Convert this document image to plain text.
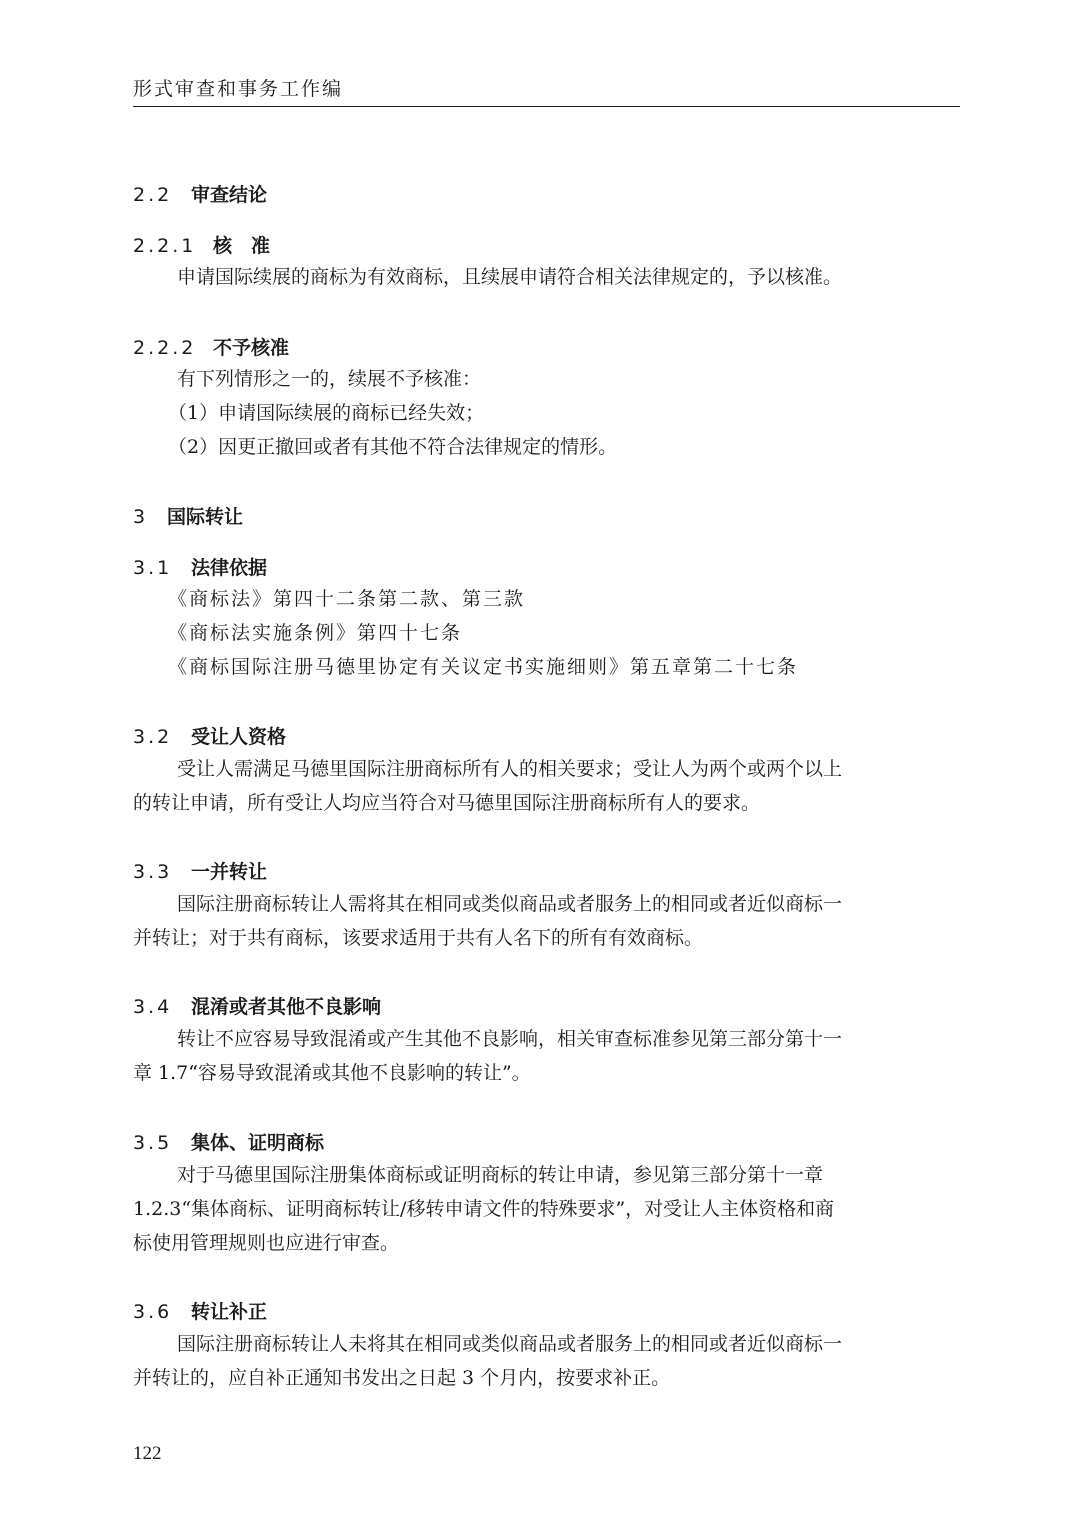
形式审查和事务工作编
2.2 审查结论
2.2.1 核　准
申请国际续展的商标为有效商标，且续展申请符合相关法律规定的，予以核准。
2.2.2 不予核准
有下列情形之一的，续展不予核准：
（1）申请国际续展的商标已经失效；
（2）因更正撤回或者有其他不符合法律规定的情形。
3 国际转让
3.1 法律依据
《商标法》第四十二条第二款、第三款
《商标法实施条例》第四十七条
《商标国际注册马德里协定有关议定书实施细则》第五章第二十七条
3.2 受让人资格
受让人需满足马德里国际注册商标所有人的相关要求；受让人为两个或两个以上
的转让申请，所有受让人均应当符合对马德里国际注册商标所有人的要求。
3.3 一并转让
国际注册商标转让人需将其在相同或类似商品或者服务上的相同或者近似商标一
并转让；对于共有商标，该要求适用于共有人名下的所有有效商标。
3.4 混淆或者其他不良影响
转让不应容易导致混淆或产生其他不良影响，相关审查标准参见第三部分第十一
章 1.7“容易导致混淆或其他不良影响的转让”。
3.5 集体、证明商标
对于马德里国际注册集体商标或证明商标的转让申请，参见第三部分第十一章
1.2.3“集体商标、证明商标转让/移转申请文件的特殊要求”，对受让人主体资格和商
标使用管理规则也应进行审查。
3.6 转让补正
国际注册商标转让人未将其在相同或类似商品或者服务上的相同或者近似商标一
并转让的，应自补正通知书发出之日起 3 个月内，按要求补正。
122
